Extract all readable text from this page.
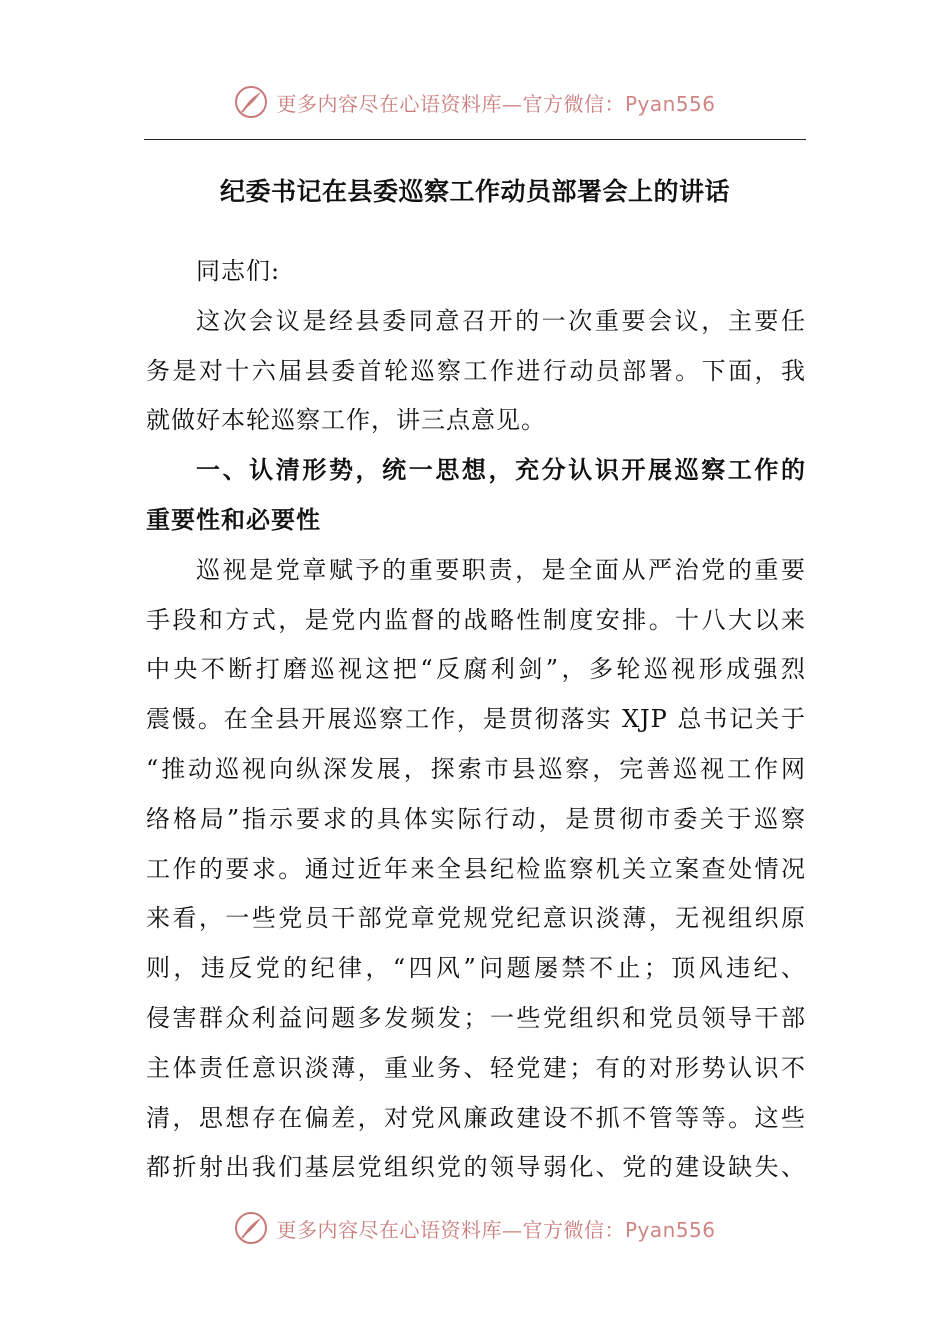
更多内容尽在心语资料库—官方微信：Pyan556
纪委书记在县委巡察工作动员部署会上的讲话
同志们:
这次会议是经县委同意召开的一次重要会议，主要任
务是对十六届县委首轮巡察工作进行动员部署。下面，我
就做好本轮巡察工作，讲三点意见。
一、认清形势，统一思想，充分认识开展巡察工作的
重要性和必要性
巡视是党章赋予的重要职责，是全面从严治党的重要
手段和方式，是党内监督的战略性制度安排。十八大以来
中央不断打磨巡视这把“反腐利剑”，多轮巡视形成强烈
震慑。在全县开展巡察工作，是贯彻落实 XJP 总书记关于
“推动巡视向纵深发展，探索市县巡察，完善巡视工作网
络格局”指示要求的具体实际行动，是贯彻市委关于巡察
工作的要求。通过近年来全县纪检监察机关立案查处情况
来看，一些党员干部党章党规党纪意识淡薄，无视组织原
则，违反党的纪律，“四风”问题屡禁不止；顶风违纪、
侵害群众利益问题多发频发；一些党组织和党员领导干部
主体责任意识淡薄，重业务、轻党建；有的对形势认识不
清，思想存在偏差，对党风廉政建设不抓不管等等。这些
都折射出我们基层党组织党的领导弱化、党的建设缺失、
更多内容尽在心语资料库—官方微信：Pyan556
